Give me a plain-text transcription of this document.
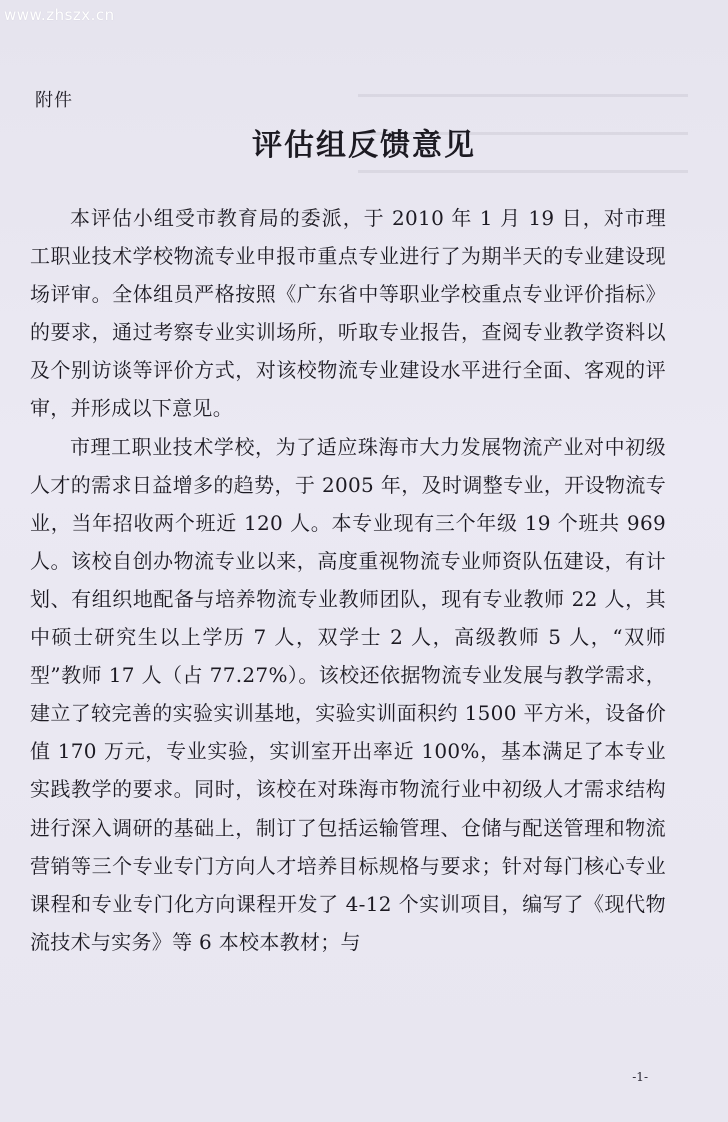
www.zhszx.cn
附件
评估组反馈意见

本评估小组受市教育局的委派，于 2010 年 1 月 19 日，对市理工职业技术学校物流专业申报市重点专业进行了为期半天的专业建设现场评审。全体组员严格按照《广东省中等职业学校重点专业评价指标》的要求，通过考察专业实训场所，听取专业报告，查阅专业教学资料以及个别访谈等评价方式，对该校物流专业建设水平进行全面、客观的评审，并形成以下意见。

市理工职业技术学校，为了适应珠海市大力发展物流产业对中初级人才的需求日益增多的趋势，于 2005 年，及时调整专业，开设物流专业，当年招收两个班近 120 人。本专业现有三个年级 19 个班共 969 人。该校自创办物流专业以来，高度重视物流专业师资队伍建设，有计划、有组织地配备与培养物流专业教师团队，现有专业教师 22 人，其中硕士研究生以上学历 7 人，双学士 2 人，高级教师 5 人，“双师型”教师 17 人（占 77.27%）。该校还依据物流专业发展与教学需求，建立了较完善的实验实训基地，实验实训面积约 1500 平方米，设备价值 170 万元，专业实验，实训室开出率近 100%，基本满足了本专业实践教学的要求。同时，该校在对珠海市物流行业中初级人才需求结构进行深入调研的基础上，制订了包括运输管理、仓储与配送管理和物流营销等三个专业专门方向人才培养目标规格与要求；针对每门核心专业课程和专业专门化方向课程开发了 4-12 个实训项目，编写了《现代物流技术与实务》等 6 本校本教材；与

-1-
